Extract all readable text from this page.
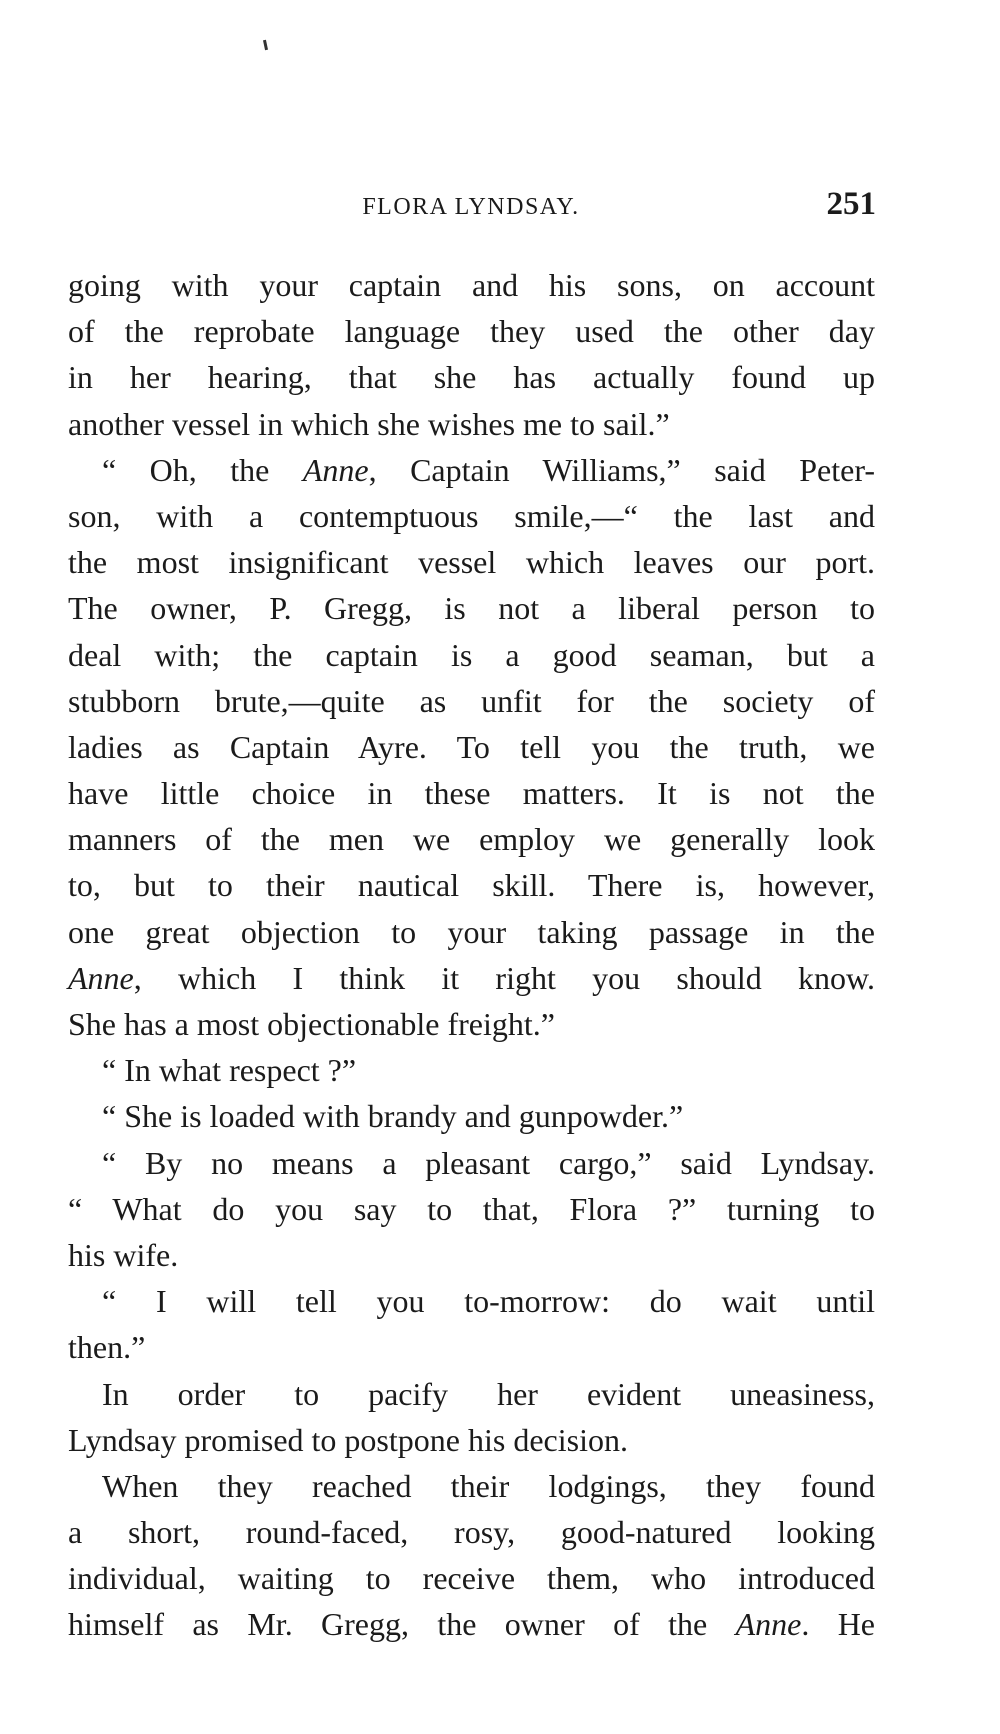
FLORA LYNDSAY.	251
going with your captain and his sons, on account
of the reprobate language they used the other day
in her hearing, that she has actually found up
another vessel in which she wishes me to sail.”
“ Oh, the Anne, Captain Williams,” said Peter-
son, with a contemptuous smile,—“ the last and
the most insignificant vessel which leaves our port.
The owner, P. Gregg, is not a liberal person to
deal with; the captain is a good seaman, but a
stubborn brute,—quite as unfit for the society of
ladies as Captain Ayre. To tell you the truth, we
have little choice in these matters. It is not the
manners of the men we employ we generally look
to, but to their nautical skill. There is, however,
one great objection to your taking passage in the
Anne, which I think it right you should know.
She has a most objectionable freight.”
“ In what respect ?”
“ She is loaded with brandy and gunpowder.”
“ By no means a pleasant cargo,” said Lyndsay.
“ What do you say to that, Flora ?” turning to
his wife.
“ I will tell you to-morrow: do wait until
then.”
In order to pacify her evident uneasiness,
Lyndsay promised to postpone his decision.
When they reached their lodgings, they found
a short, round-faced, rosy, good-natured looking
individual, waiting to receive them, who introduced
himself as Mr. Gregg, the owner of the Anne. He
